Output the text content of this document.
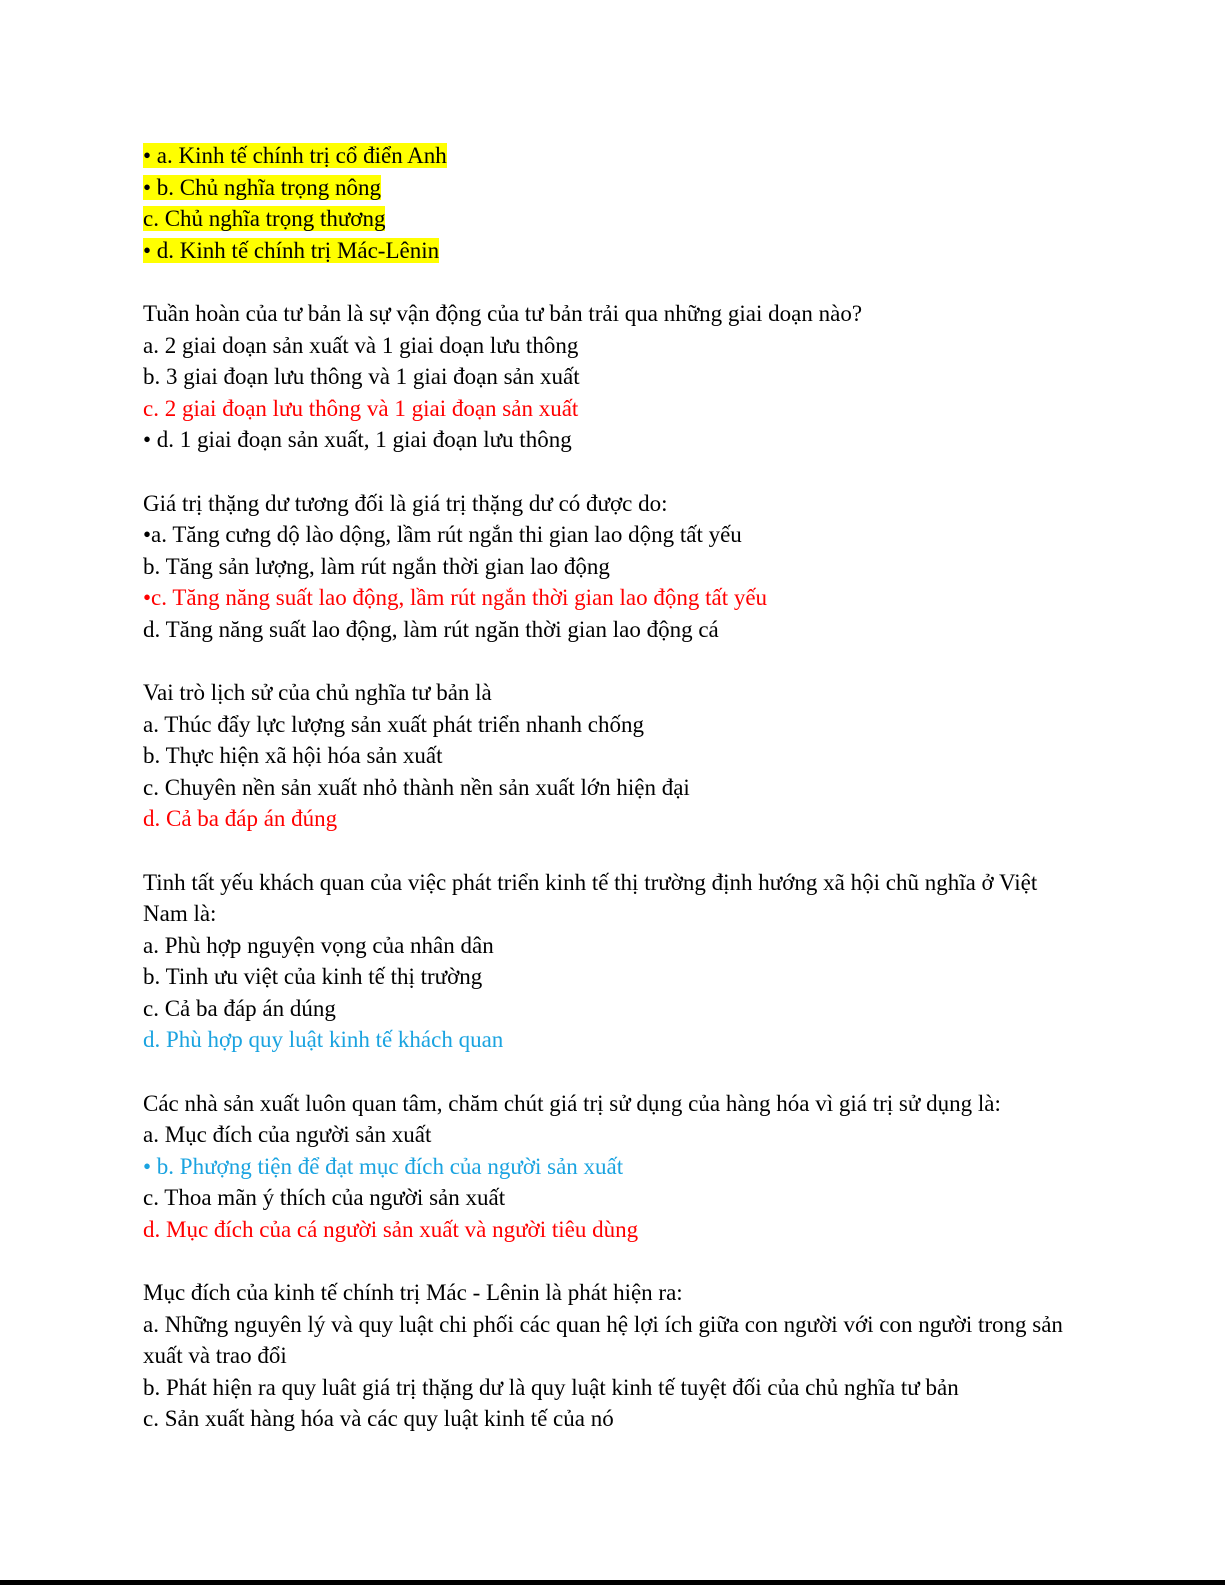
• a. Kinh tế chính trị cổ điển Anh
• b. Chủ nghĩa trọng nông
c. Chủ nghĩa trọng thương
• d. Kinh tế chính trị Mác-Lênin
Tuần hoàn của tư bản là sự vận động của tư bản trải qua những giai doạn nào?
a. 2 giai doạn sản xuất và 1 giai doạn lưu thông
b. 3 giai đoạn lưu thông và 1 giai đoạn sản xuất
c. 2 giai đoạn lưu thông và 1 giai đoạn sản xuất
• d. 1 giai đoạn sản xuất, 1 giai đoạn lưu thông
Giá trị thặng dư tương đối là giá trị thặng dư có được do:
•a. Tăng cưng dộ lào dộng, lầm rút ngắn thi gian lao dộng tất yếu
b. Tăng sản lượng, làm rút ngắn thời gian lao động
•c. Tăng năng suất lao động, lầm rút ngắn thời gian lao động tất yếu
d. Tăng năng suất lao động, làm rút ngăn thời gian lao động cá
Vai trò lịch sử của chủ nghĩa tư bản là
a. Thúc đẩy lực lượng sản xuất phát triển nhanh chống
b. Thực hiện xã hội hóa sản xuất
c. Chuyên nền sản xuất nhỏ thành nền sản xuất lớn hiện đại
d. Cả ba đáp án đúng
Tinh tất yếu khách quan của việc phát triển kinh tế thị trường định hướng xã hội chũ nghĩa ở Việt Nam là:
a. Phù hợp nguyện vọng của nhân dân
b. Tinh ưu việt của kinh tế thị trường
c. Cả ba đáp án dúng
d. Phù hợp quy luật kinh tế khách quan
Các nhà sản xuất luôn quan tâm, chăm chút giá trị sử dụng của hàng hóa vì giá trị sử dụng là:
a. Mục đích của người sản xuất
• b. Phượng tiện để đạt mục đích của người sản xuất
c. Thoa mãn ý thích của người sản xuất
d. Mục đích của cá người sản xuất và người tiêu dùng
Mục đích của kinh tế chính trị Mác - Lênin là phát hiện ra:
a. Những nguyên lý và quy luật chi phối các quan hệ lợi ích giữa con người với con người trong sản xuất và trao đổi
b. Phát hiện ra quy luât giá trị thặng dư là quy luật kinh tế tuyệt đối của chủ nghĩa tư bản
c. Sản xuất hàng hóa và các quy luật kinh tế của nó
